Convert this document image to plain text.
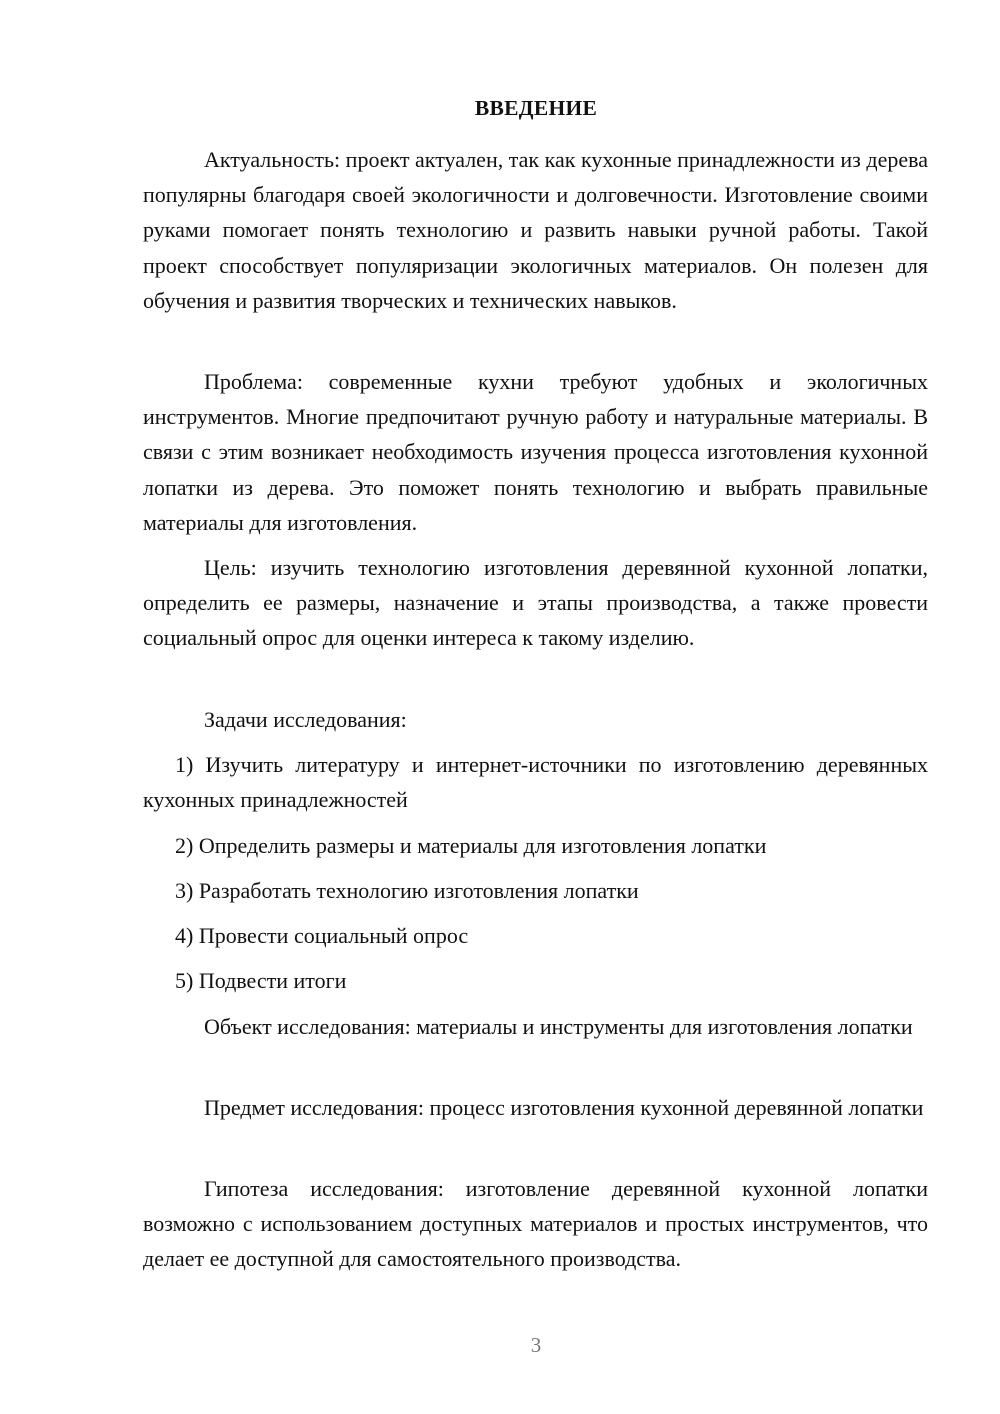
ВВЕДЕНИЕ

Актуальность: проект актуален, так как кухонные принадлежности из дерева популярны благодаря своей экологичности и долговечности. Изготовление своими руками помогает понять технологию и развить навыки ручной работы. Такой проект способствует популяризации экологичных материалов. Он полезен для обучения и развития творческих и технических навыков.

Проблема: современные кухни требуют удобных и экологичных инструментов. Многие предпочитают ручную работу и натуральные материалы. В связи с этим возникает необходимость изучения процесса изготовления кухонной лопатки из дерева. Это поможет понять технологию и выбрать правильные материалы для изготовления.

Цель: изучить технологию изготовления деревянной кухонной лопатки, определить ее размеры, назначение и этапы производства, а также провести социальный опрос для оценки интереса к такому изделию.

Задачи исследования:

1) Изучить литературу и интернет-источники по изготовлению деревянных кухонных принадлежностей

2) Определить размеры и материалы для изготовления лопатки

3) Разработать технологию изготовления лопатки

4) Провести социальный опрос

5) Подвести итоги

Объект исследования: материалы и инструменты для изготовления лопатки

Предмет исследования: процесс изготовления кухонной деревянной лопатки

Гипотеза исследования: изготовление деревянной кухонной лопатки возможно с использованием доступных материалов и простых инструментов, что делает ее доступной для самостоятельного производства.

3
